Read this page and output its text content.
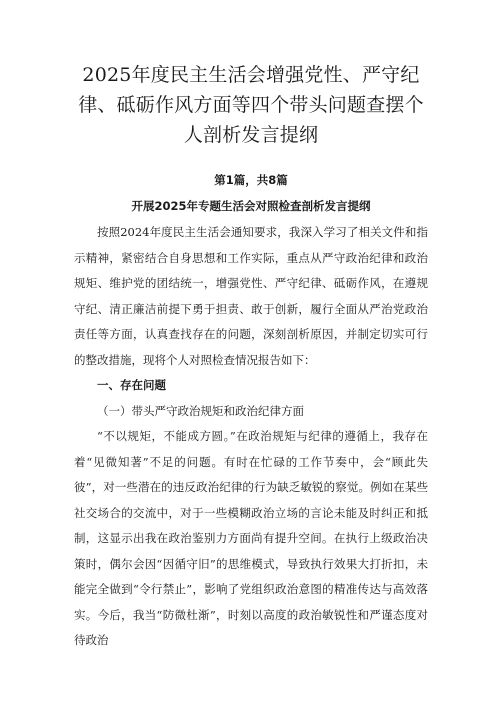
2025年度民主生活会增强党性、严守纪律、砥砺作风方面等四个带头问题查摆个人剖析发言提纲
第1篇，共8篇
开展2025年专题生活会对照检查剖析发言提纲

按照2024年度民主生活会通知要求，我深入学习了相关文件和指示精神，紧密结合自身思想和工作实际，重点从严守政治纪律和政治规矩、维护党的团结统一，增强党性、严守纪律、砥砺作风，在遵规守纪、清正廉洁前提下勇于担责、敢于创新，履行全面从严治党政治责任等方面，认真查找存在的问题，深刻剖析原因，并制定切实可行的整改措施，现将个人对照检查情况报告如下：

一、存在问题

（一）带头严守政治规矩和政治纪律方面

“不以规矩，不能成方圆。”在政治规矩与纪律的遵循上，我存在着“见微知著”不足的问题。有时在忙碌的工作节奏中，会“顾此失彼”，对一些潜在的违反政治纪律的行为缺乏敏锐的察觉。例如在某些社交场合的交流中，对于一些模糊政治立场的言论未能及时纠正和抵制，这显示出我在政治鉴别力方面尚有提升空间。在执行上级政治决策时，偶尔会因“因循守旧”的思维模式，导致执行效果大打折扣，未能完全做到“令行禁止”，影响了党组织政治意图的精准传达与高效落实。今后，我当“防微杜渐”，时刻以高度的政治敏锐性和严谨态度对待政治
